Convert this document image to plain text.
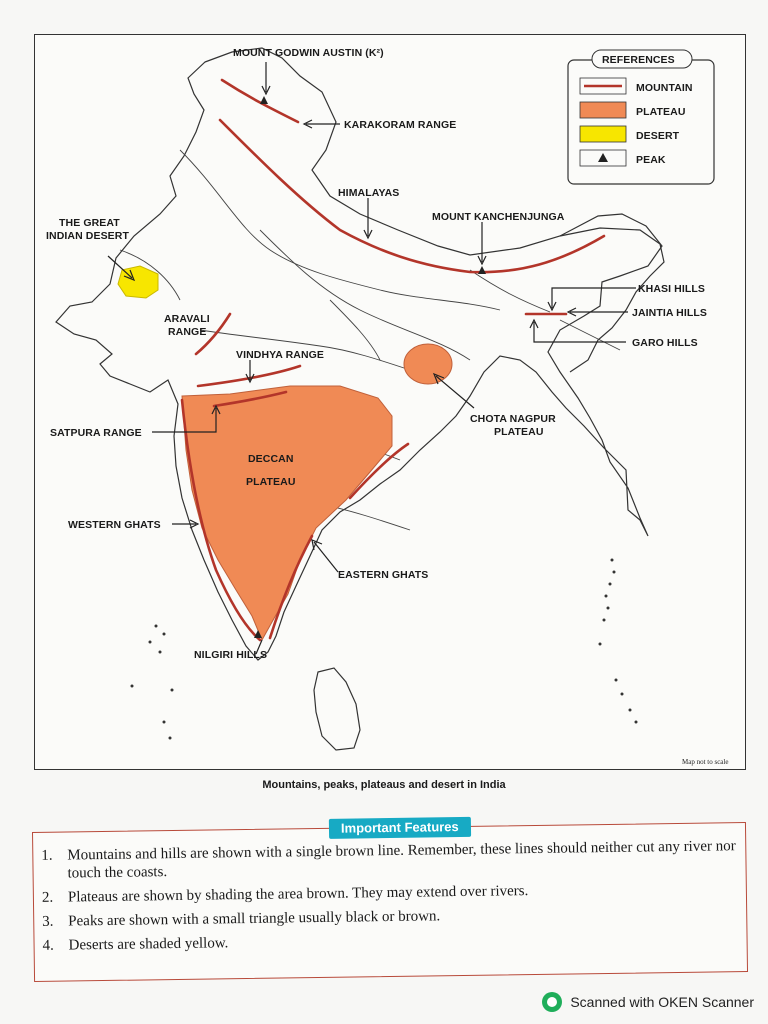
MOUNT GODWIN AUSTIN (K²)
KARAKORAM RANGE
HIMALAYAS
MOUNT KANCHENJUNGA
THE GREAT
INDIAN DESERT
ARAVALI
RANGE
VINDHYA RANGE
SATPURA RANGE
DECCAN
PLATEAU
WESTERN GHATS
EASTERN GHATS
NILGIRI HILLS
CHOTA NAGPUR
PLATEAU
KHASI HILLS
JAINTIA HILLS
GARO HILLS
Map not to scale
REFERENCES
MOUNTAIN
PLATEAU
DESERT
PEAK
Mountains, peaks, plateaus and desert in India
Important Features
1. Mountains and hills are shown with a single brown line. Remember, these lines should neither cut any river nor touch the coasts.
2. Plateaus are shown by shading the area brown. They may extend over rivers.
3. Peaks are shown with a small triangle usually black or brown.
4. Deserts are shaded yellow.
Scanned with OKEN Scanner
